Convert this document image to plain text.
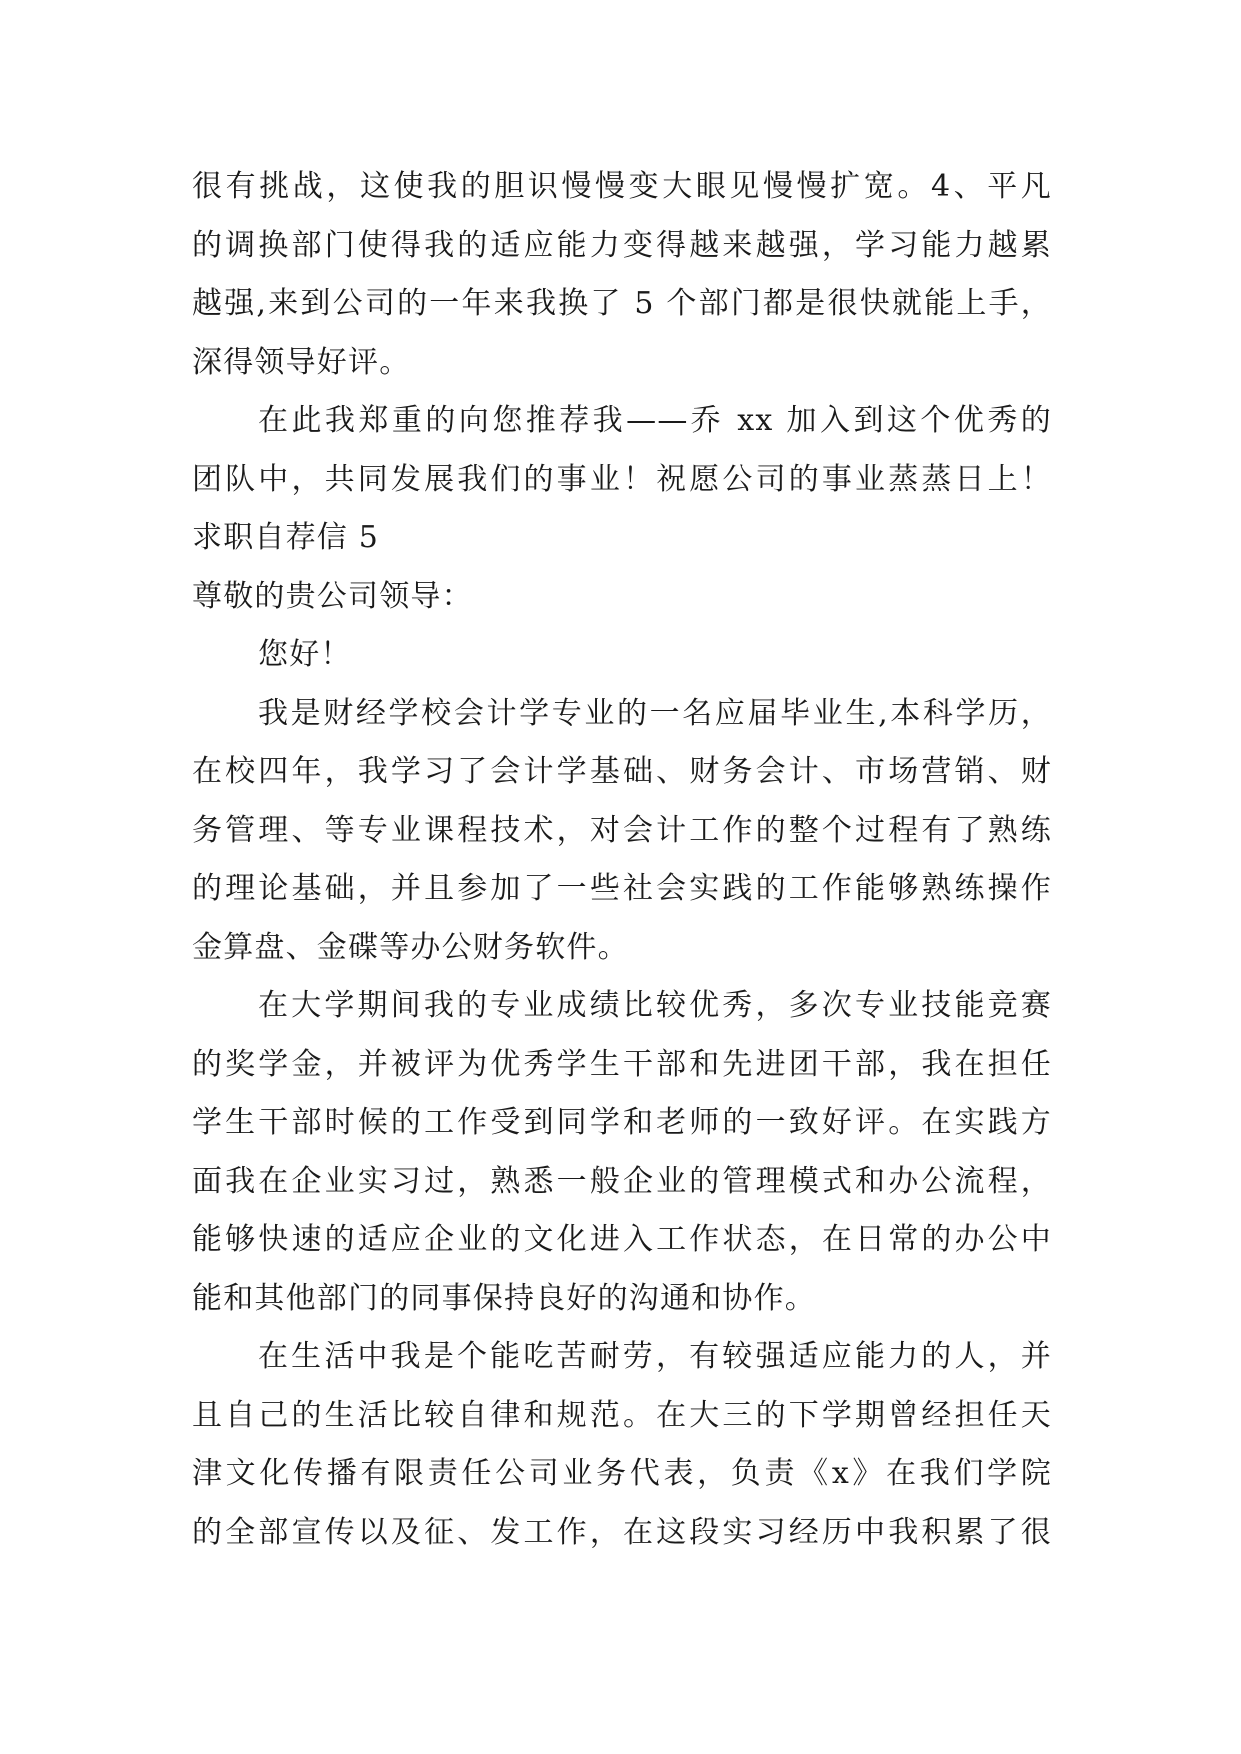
很有挑战，这使我的胆识慢慢变大眼见慢慢扩宽。4、平凡
的调换部门使得我的适应能力变得越来越强，学习能力越累
越强,来到公司的一年来我换了 5 个部门都是很快就能上手，
深得领导好评。
在此我郑重的向您推荐我——乔 xx 加入到这个优秀的
团队中，共同发展我们的事业！祝愿公司的事业蒸蒸日上！
求职自荐信 5
尊敬的贵公司领导：
您好！
我是财经学校会计学专业的一名应届毕业生,本科学历，
在校四年，我学习了会计学基础、财务会计、市场营销、财
务管理、等专业课程技术，对会计工作的整个过程有了熟练
的理论基础，并且参加了一些社会实践的工作能够熟练操作
金算盘、金碟等办公财务软件。
在大学期间我的专业成绩比较优秀，多次专业技能竞赛
的奖学金，并被评为优秀学生干部和先进团干部，我在担任
学生干部时候的工作受到同学和老师的一致好评。在实践方
面我在企业实习过，熟悉一般企业的管理模式和办公流程，
能够快速的适应企业的文化进入工作状态，在日常的办公中
能和其他部门的同事保持良好的沟通和协作。
在生活中我是个能吃苦耐劳，有较强适应能力的人，并
且自己的生活比较自律和规范。在大三的下学期曾经担任天
津文化传播有限责任公司业务代表，负责《x》在我们学院
的全部宣传以及征、发工作，在这段实习经历中我积累了很
